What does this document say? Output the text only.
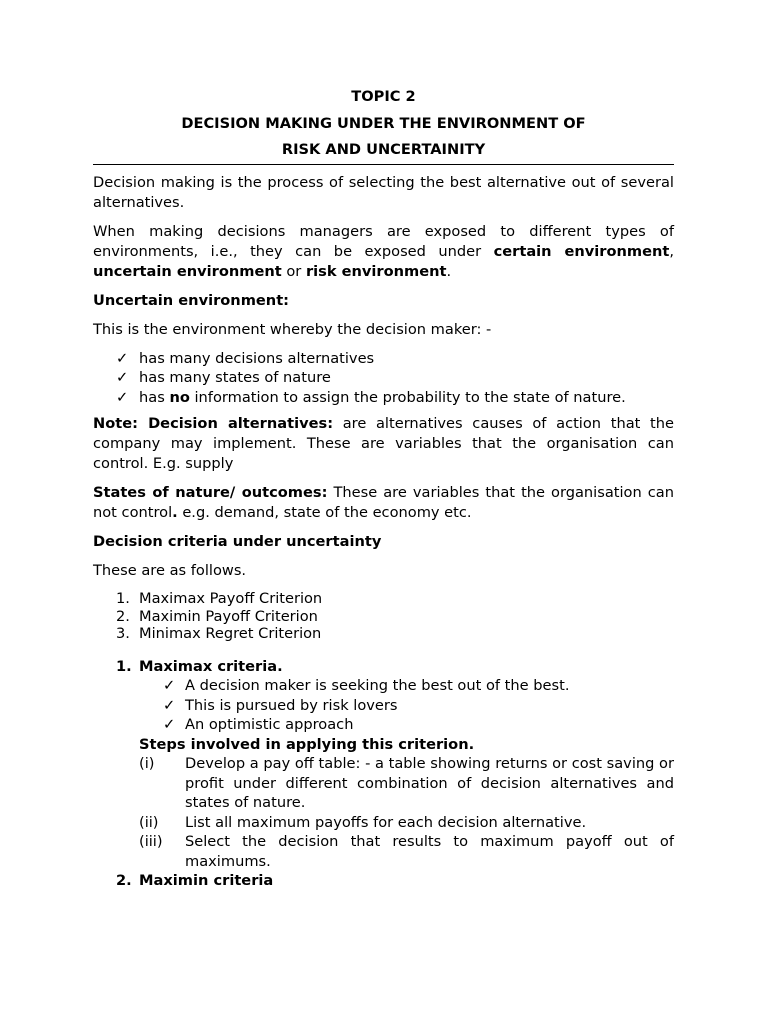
TOPIC 2
DECISION MAKING UNDER THE ENVIRONMENT OF
RISK AND UNCERTAINITY

Decision making is the process of selecting the best alternative out of several alternatives.

When making decisions managers are exposed to different types of environments, i.e., they can be exposed under certain environment, uncertain environment or risk environment.

Uncertain environment:

This is the environment whereby the decision maker: -

✓ has many decisions alternatives
✓ has many states of nature
✓ has no information to assign the probability to the state of nature.

Note: Decision alternatives: are alternatives causes of action that the company may implement. These are variables that the organisation can control. E.g. supply

States of nature/ outcomes: These are variables that the organisation can not control. e.g. demand, state of the economy etc.

Decision criteria under uncertainty

These are as follows.

1. Maximax Payoff Criterion
2. Maximin Payoff Criterion
3. Minimax Regret Criterion
1. Maximax criteria.
✓ A decision maker is seeking the best out of the best.
✓ This is pursued by risk lovers
✓ An optimistic approach
Steps involved in applying this criterion.
(i) Develop a pay off table: - a table showing returns or cost saving or profit under different combination of decision alternatives and states of nature.
(ii) List all maximum payoffs for each decision alternative.
(iii) Select the decision that results to maximum payoff out of maximums.
2. Maximin criteria
